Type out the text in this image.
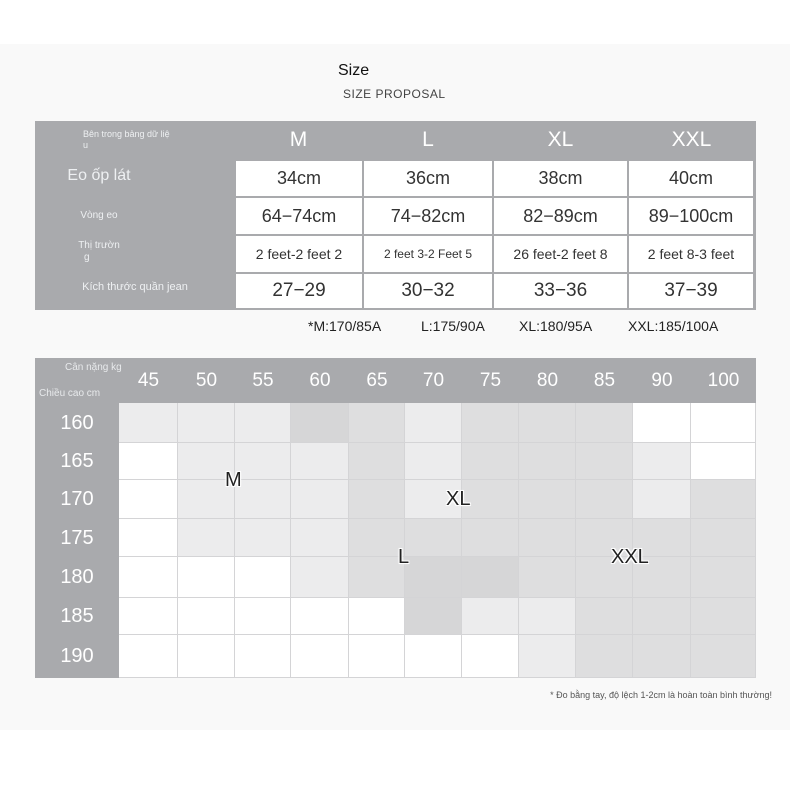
Size
SIZE PROPOSAL
Bên trong bảng dữ liệ
u	M	L	XL	XXL
Eo ốp lát	34cm	36cm	38cm	40cm
Vòng eo	64−74cm	74−82cm	82−89cm	89−100cm
Thị trườn
g	2 feet-2 feet 2	2 feet 3-2 Feet 5	26 feet-2 feet 8	2 feet 8-3 feet
Kích thước quần jean	27−29	30−32	33−36	37−39
*M:170/85A	L:175/90A XL:180/95A	XXL:185/100A
Cân nặng kg
Chiều cao cm
45	50	55	60	65	70	75	80	85	90	100
160
165
170
175
180
185
190
M
XL
L	XXL
* Đo bằng tay, độ lệch 1-2cm là hoàn toàn bình thường!
